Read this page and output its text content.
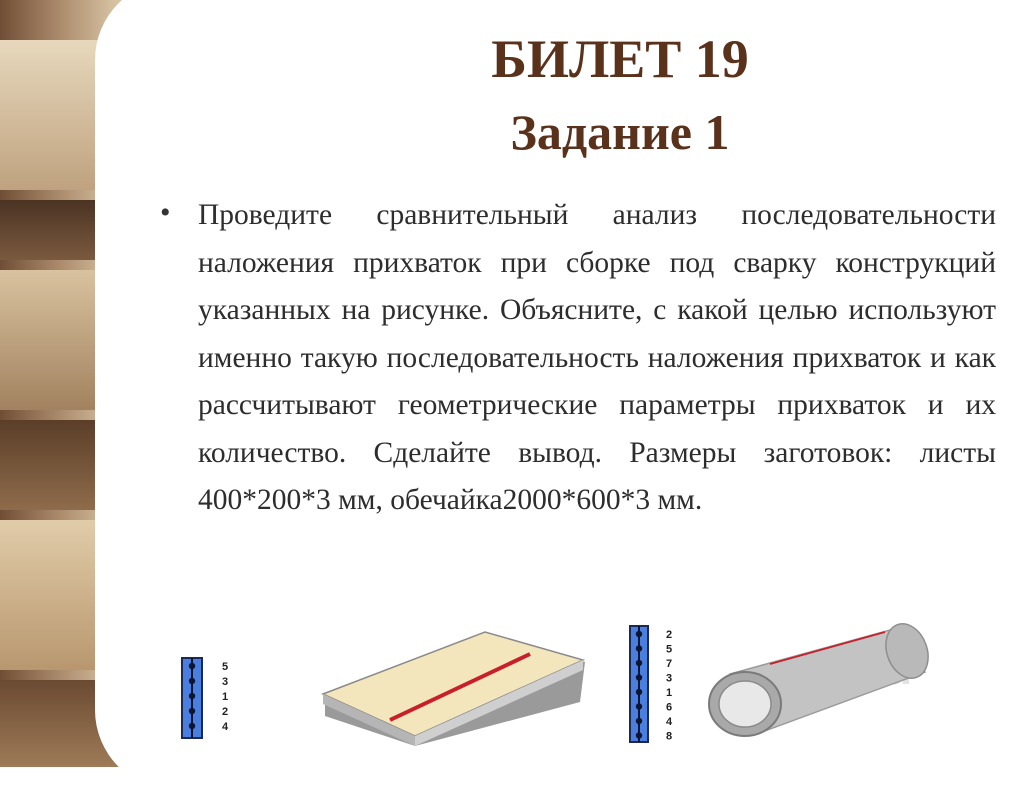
БИЛЕТ 19
Задание 1
• Проведите сравнительный анализ последовательности наложения прихваток при сборке под сварку конструкций указанных на рисунке. Объясните, с какой целью используют именно такую последовательность наложения прихваток и как рассчитывают геометрические параметры прихваток и их количество. Сделайте вывод. Размеры заготовок: листы 400*200*3 мм, обечайка2000*600*3 мм.

5
3
1
2
4
2
5
7
3
1
6
4
8
